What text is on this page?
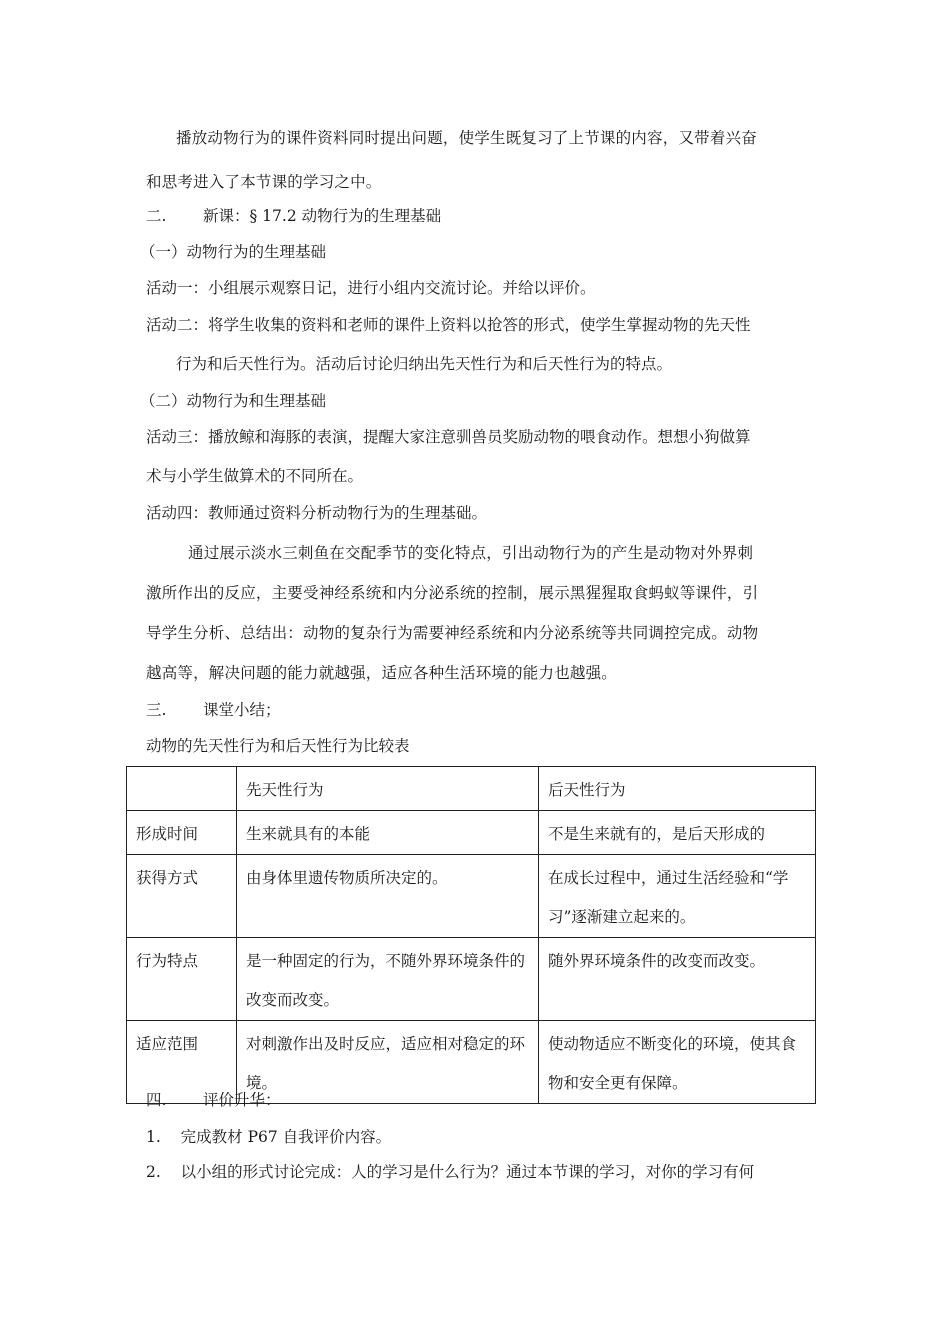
播放动物行为的课件资料同时提出问题，使学生既复习了上节课的内容，又带着兴奋
和思考进入了本节课的学习之中。
二. 新课：§ 17.2 动物行为的生理基础
（一）动物行为的生理基础
活动一：小组展示观察日记，进行小组内交流讨论。并给以评价。
活动二：将学生收集的资料和老师的课件上资料以抢答的形式，使学生掌握动物的先天性
行为和后天性行为。活动后讨论归纳出先天性行为和后天性行为的特点。
（二）动物行为和生理基础
活动三：播放鲸和海豚的表演，提醒大家注意驯兽员奖励动物的喂食动作。想想小狗做算
术与小学生做算术的不同所在。
活动四：教师通过资料分析动物行为的生理基础。
通过展示淡水三刺鱼在交配季节的变化特点，引出动物行为的产生是动物对外界刺
激所作出的反应，主要受神经系统和内分泌系统的控制，展示黑猩猩取食蚂蚁等课件，引
导学生分析、总结出：动物的复杂行为需要神经系统和内分泌系统等共同调控完成。动物
越高等，解决问题的能力就越强，适应各种生活环境的能力也越强。
三. 课堂小结；
动物的先天性行为和后天性行为比较表
	先天性行为	后天性行为
形成时间	生来就具有的本能	不是生来就有的，是后天形成的
获得方式	由身体里遗传物质所决定的。	在成长过程中，通过生活经验和“学习”逐渐建立起来的。
行为特点	是一种固定的行为，不随外界环境条件的改变而改变。	随外界环境条件的改变而改变。
适应范围	对刺激作出及时反应，适应相对稳定的环境。	使动物适应不断变化的环境，使其食物和安全更有保障。
四. 评价升华：
1. 完成教材 P67 自我评价内容。
2. 以小组的形式讨论完成：人的学习是什么行为？通过本节课的学习，对你的学习有何
